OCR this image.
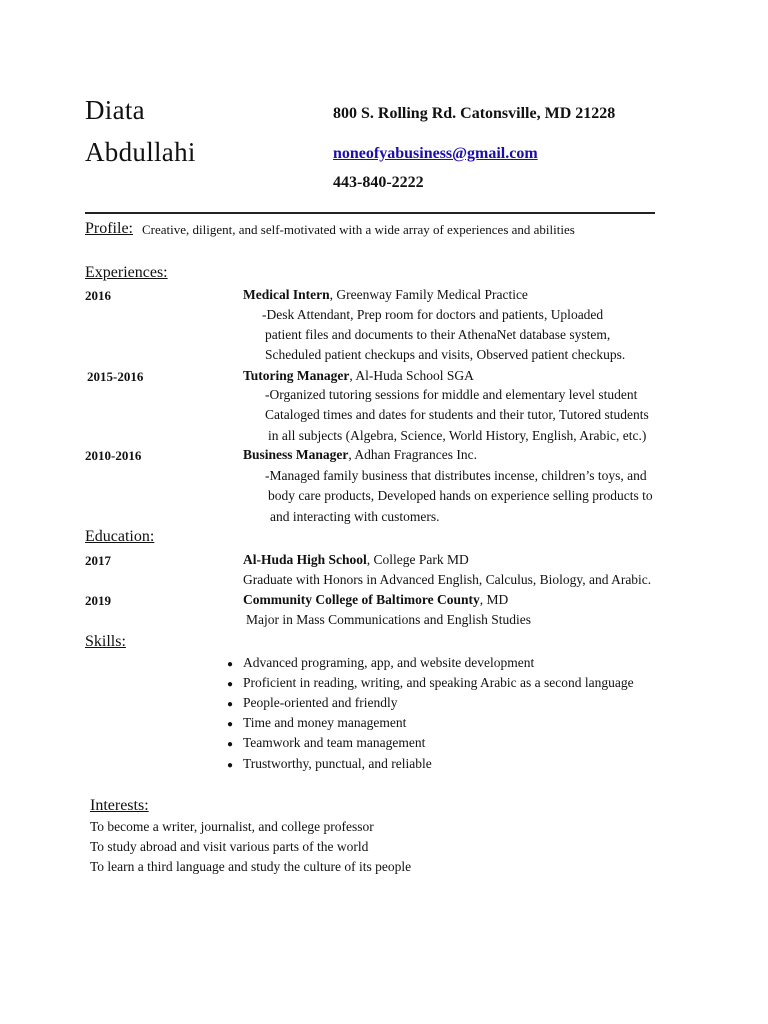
Diata
Abdullahi
800 S. Rolling Rd. Catonsville, MD 21228
noneofyabusiness@gmail.com
443-840-2222
Profile: Creative, diligent, and self-motivated with a wide array of experiences and abilities
Experiences:
2016	Medical Intern, Greenway Family Medical Practice
-Desk Attendant, Prep room for doctors and patients, Uploaded
patient files and documents to their AthenaNet database system,
Scheduled patient checkups and visits, Observed patient checkups.
2015-2016	Tutoring Manager, Al-Huda School SGA
-Organized tutoring sessions for middle and elementary level student
Cataloged times and dates for students and their tutor, Tutored students
in all subjects (Algebra, Science, World History, English, Arabic, etc.)
2010-2016	Business Manager, Adhan Fragrances Inc.
-Managed family business that distributes incense, children’s toys, and
body care products, Developed hands on experience selling products to
and interacting with customers.
Education:
2017	Al-Huda High School, College Park MD
Graduate with Honors in Advanced English, Calculus, Biology, and Arabic.
2019	Community College of Baltimore County, MD
Major in Mass Communications and English Studies
Skills:
● Advanced programing, app, and website development
● Proficient in reading, writing, and speaking Arabic as a second language
● People-oriented and friendly
● Time and money management
● Teamwork and team management
● Trustworthy, punctual, and reliable
Interests:
To become a writer, journalist, and college professor
To study abroad and visit various parts of the world
To learn a third language and study the culture of its people
